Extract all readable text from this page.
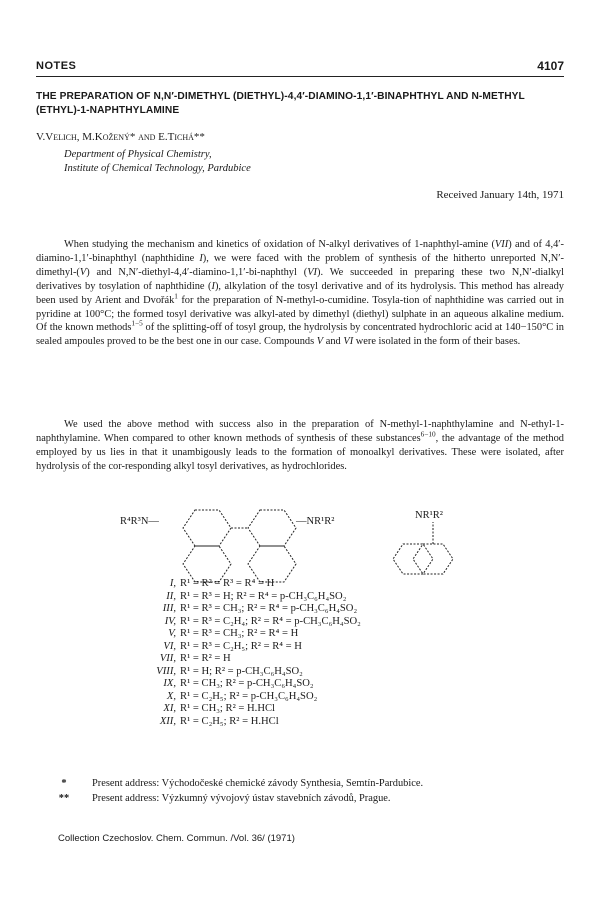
NOTES	4107
THE PREPARATION OF N,N′-DIMETHYL (DIETHYL)-4,4′-DIAMINO-1,1′-BINAPHTHYL AND N-METHYL (ETHYL)-1-NAPHTHYLAMINE
V.Velich, M.Kožený* and E.Tichá**
Department of Physical Chemistry,
Institute of Chemical Technology, Pardubice
Received January 14th, 1971

When studying the mechanism and kinetics of oxidation of N-alkyl derivatives of 1-naphthyl-amine (VII) and of 4,4′-diamino-1,1′-binaphthyl (naphthidine I), we were faced with the problem of synthesis of the hitherto unreported N,N′-dimethyl-(V) and N,N′-diethyl-4,4′-diamino-1,1′-bi-naphthyl (VI). We succeeded in preparing these two N,N′-dialkyl derivatives by tosylation of naphthidine (I), alkylation of the tosyl derivative and of its hydrolysis. This method has already been used by Arient and Dvořák$^1$ for the preparation of N-methyl-o-cumidine. Tosyla-tion of naphthidine was carried out in pyridine at 100°C; the formed tosyl derivative was alkyl-ated by dimethyl (diethyl) sulphate in an aqueous alkaline medium. Of the known methods$^{1-5}$ of the splitting-off of tosyl group, the hydrolysis by concentrated hydrochloric acid at 140−150°C in sealed ampoules proved to be the best one in our case. Compounds V and VI were isolated in the form of their bases.

We used the above method with success also in the preparation of N-methyl-1-naphthylamine and N-ethyl-1-naphthylamine. When compared to other known methods of synthesis of these substances$^{6-10}$, the advantage of the method employed by us lies in that it unambigously leads to the formation of monoalkyl derivatives. These were isolated, after hydrolysis of the cor-responding alkyl tosyl derivatives, as hydrochlorides.

R⁴R³N—	—NR¹R²
NR¹R²
I, R¹ = R² = R³ = R⁴ = H
II, R¹ = R³ = H; R² = R⁴ = p-CH₃C₆H₄SO₂
III, R¹ = R³ = CH₃; R² = R⁴ = p-CH₃C₆H₄SO₂
IV, R¹ = R³ = C₂H₄; R² = R⁴ = p-CH₃C₆H₄SO₂
V, R¹ = R³ = CH₃; R² = R⁴ = H
VI, R¹ = R³ = C₂H₅; R² = R⁴ = H
VII, R¹ = R² = H
VIII, R¹ = H; R² = p-CH₃C₆H₄SO₂
IX, R¹ = CH₃; R² = p-CH₃C₆H₄SO₂
X, R¹ = C₂H₅; R² = p-CH₃C₆H₄SO₂
XI, R¹ = CH₃; R² = H.HCl
XII, R¹ = C₂H₅; R² = H.HCl
*	Present address: Východočeské chemické závody Synthesia, Semtín-Pardubice.
**	Present address: Výzkumný vývojový ústav stavebních závodů, Prague.
Collection Czechoslov. Chem. Commun. /Vol. 36/ (1971)
